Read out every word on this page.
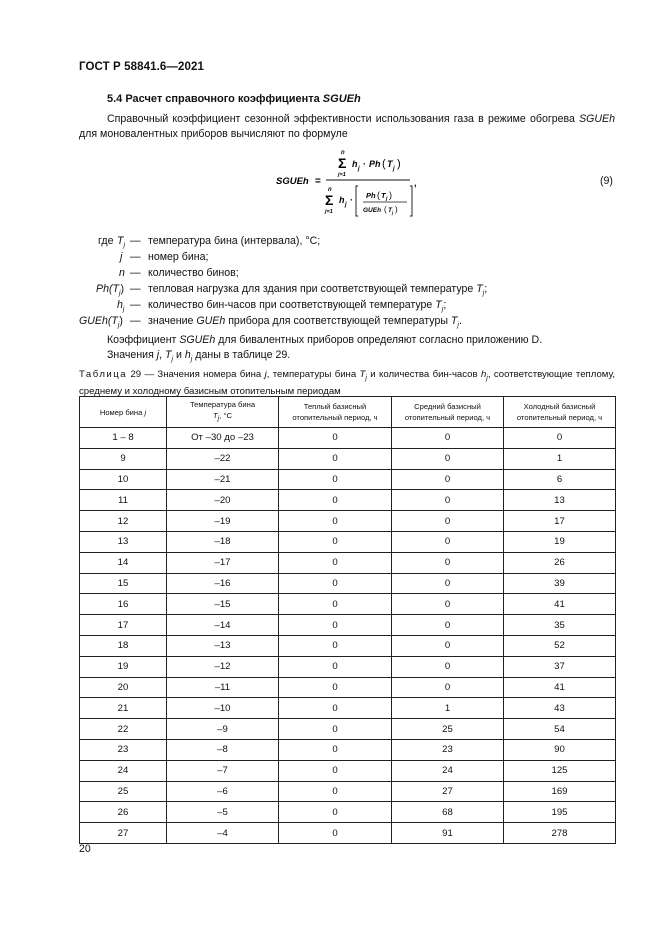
ГОСТ Р 58841.6—2021
5.4 Расчет справочного коэффициента SGUEh
Справочный коэффициент сезонной эффективности использования газа в режиме обогрева SGUEh для моновалентных приборов вычисляют по формуле
SGUEh =
n
Σ
j=1
h j · Ph ( T j )
n
Σ
j=1
h j · Ph ( T j )
GUEh ( T j )
,	(9)
где $T_j$ — температура бина (интервала), °С;
j — номер бина;
n — количество бинов;
$Ph(T_j)$ — тепловая нагрузка для здания при соответствующей температуре $T_j$;
$h_j$ — количество бин-часов при соответствующей температуре $T_j$;
$GUEh(T_j)$ — значение GUEh прибора для соответствующей температуры $T_j$.
Коэффициент SGUEh для бивалентных приборов определяют согласно приложению D.
Значения j, $T_j$ и $h_j$ даны в таблице 29.
Таблица 29 — Значения номера бина j, температуры бина $T_j$ и количества бин-часов $h_j$, соответствующие теплому, среднему и холодному базисным отопительным периодам
Номер бина j	Температура бина
$T_j$, °С	Теплый базисный отопительный период, ч	Средний базисный отопительный период, ч	Холодный базисный отопительный период, ч
1 – 8	От –30 до –23	0	0	0
9	–22	0	0	1
10	–21	0	0	6
11	–20	0	0	13
12	–19	0	0	17
13	–18	0	0	19
14	–17	0	0	26
15	–16	0	0	39
16	–15	0	0	41
17	–14	0	0	35
18	–13	0	0	52
19	–12	0	0	37
20	–11	0	0	41
21	–10	0	1	43
22	–9	0	25	54
23	–8	0	23	90
24	–7	0	24	125
25	–6	0	27	169
26	–5	0	68	195
27	–4	0	91	278
20
